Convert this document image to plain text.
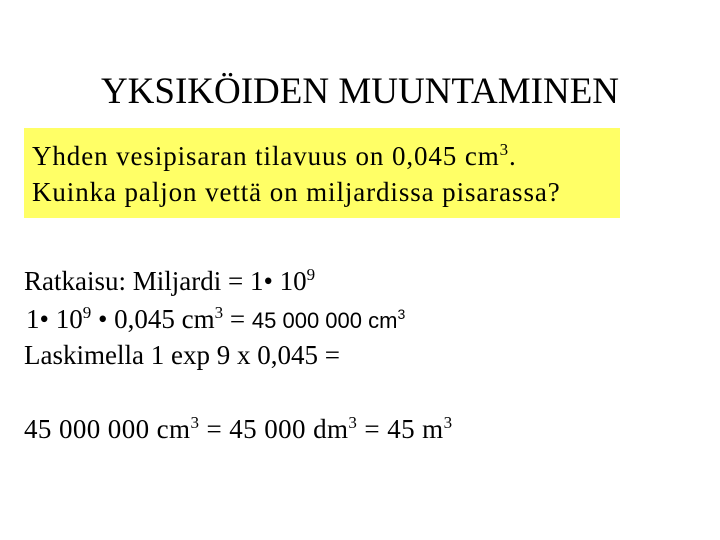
YKSIKÖIDEN MUUNTAMINEN
Yhden vesipisaran tilavuus on 0,045 $cm^3$.
Kuinka paljon vettä on miljardissa pisarassa?
Ratkaisu: Miljardi = 1• $10^9$
1• $10^9$ • 0,045 $cm^3 = 45$ 000 000 $cm^3$
Laskimella 1 exp 9 x 0,045 =
45 000 000 $cm^3 = 45$ 000 $dm^3 = 45$ $m^3$
